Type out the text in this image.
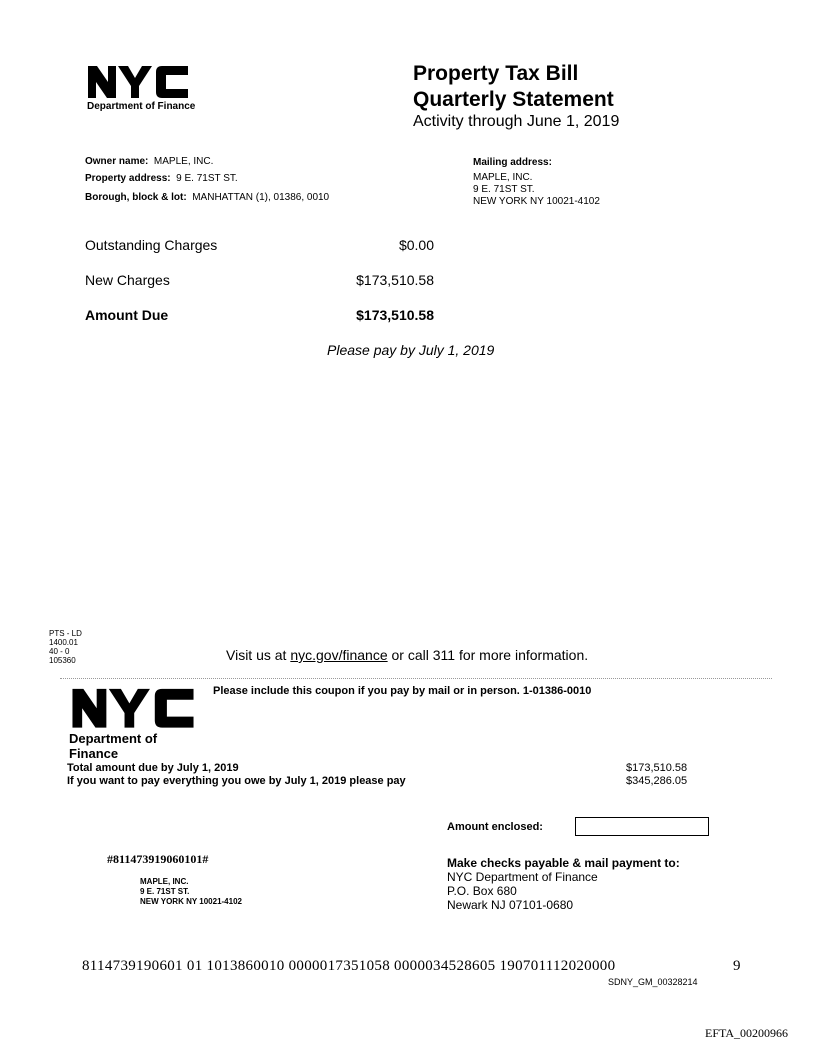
Department of Finance
Property Tax Bill
Quarterly Statement
Activity through June 1, 2019
Owner name: MAPLE, INC.
Property address: 9 E. 71ST ST.
Borough, block & lot: MANHATTAN (1), 01386, 0010
Mailing address:
MAPLE, INC.
9 E. 71ST ST.
NEW YORK NY 10021-4102
Outstanding Charges	$0.00
New Charges	$173,510.58
Amount Due	$173,510.58
Please pay by July 1, 2019
PTS - LD
1400.01
40 - 0
105360	Visit us at nyc.gov/finance or call 311 for more information.
Department of
Finance
Please include this coupon if you pay by mail or in person. 1-01386-0010
Total amount due by July 1, 2019	$173,510.58
If you want to pay everything you owe by July 1, 2019 please pay	$345,286.05
Amount enclosed:
#811473919060101#
MAPLE, INC.
9 E. 71ST ST.
NEW YORK NY 10021-4102
Make checks payable & mail payment to:
NYC Department of Finance
P.O. Box 680
Newark NJ 07101-0680
8114739190601 01 1013860010 0000017351058 0000034528605 190701112020000	9
SDNY_GM_00328214
EFTA_00200966
